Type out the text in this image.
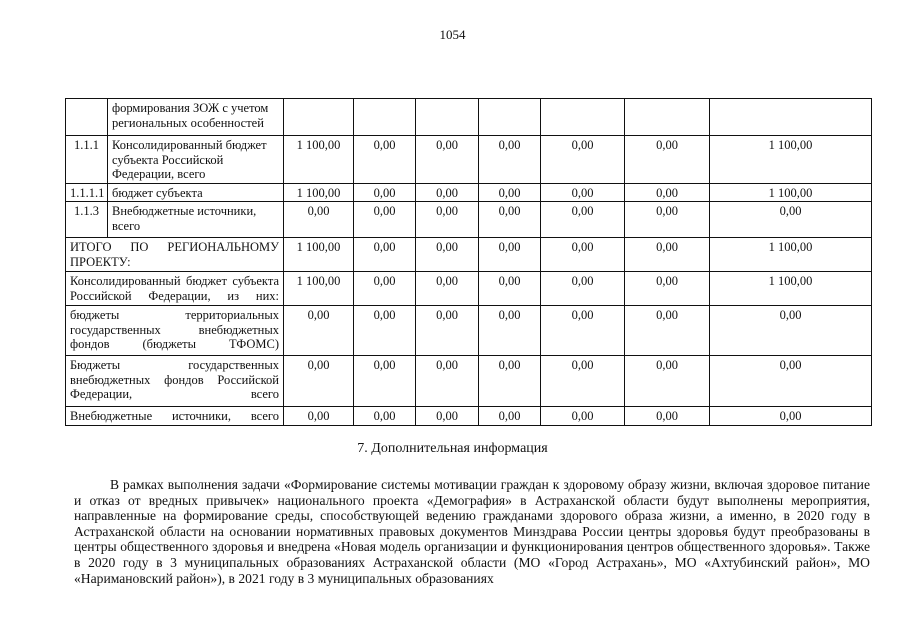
1054
	формирования ЗОЖ с учетом региональных особенностей							
1.1.1	Консолидированный бюджет субъекта Российской Федерации, всего	1 100,00	0,00	0,00	0,00	0,00	0,00	1 100,00
1.1.1.1	бюджет субъекта	1 100,00	0,00	0,00	0,00	0,00	0,00	1 100,00
1.1.3	Внебюджетные источники, всего	0,00	0,00	0,00	0,00	0,00	0,00	0,00
ИТОГО ПО РЕГИОНАЛЬНОМУ ПРОЕКТУ:		1 100,00	0,00	0,00	0,00	0,00	0,00	1 100,00
Консолидированный бюджет субъекта Российской Федерации, из них:		1 100,00	0,00	0,00	0,00	0,00	0,00	1 100,00
бюджеты территориальных государственных внебюджетных фондов (бюджеты ТФОМС)		0,00	0,00	0,00	0,00	0,00	0,00	0,00
Бюджеты государственных внебюджетных фондов Российской Федерации, всего		0,00	0,00	0,00	0,00	0,00	0,00	0,00
Внебюджетные источники, всего		0,00	0,00	0,00	0,00	0,00	0,00	0,00
7. Дополнительная информация

В рамках выполнения задачи «Формирование системы мотивации граждан к здоровому образу жизни, включая здоровое питание и отказ от вредных привычек» национального проекта «Демография» в Астраханской области будут выполнены мероприятия, направленные на формирование среды, способствующей ведению гражданами здорового образа жизни, а именно, в 2020 году в Астраханской области на основании нормативных правовых документов Минздрава России центры здоровья будут преобразованы в центры общественного здоровья и внедрена «Новая модель организации и функционирования центров общественного здоровья». Также в 2020 году в 3 муниципальных образованиях Астраханской области (МО «Город Астрахань», МО «Ахтубинский район», МО «Наримановский район»), в 2021 году в 3 муниципальных образованиях
